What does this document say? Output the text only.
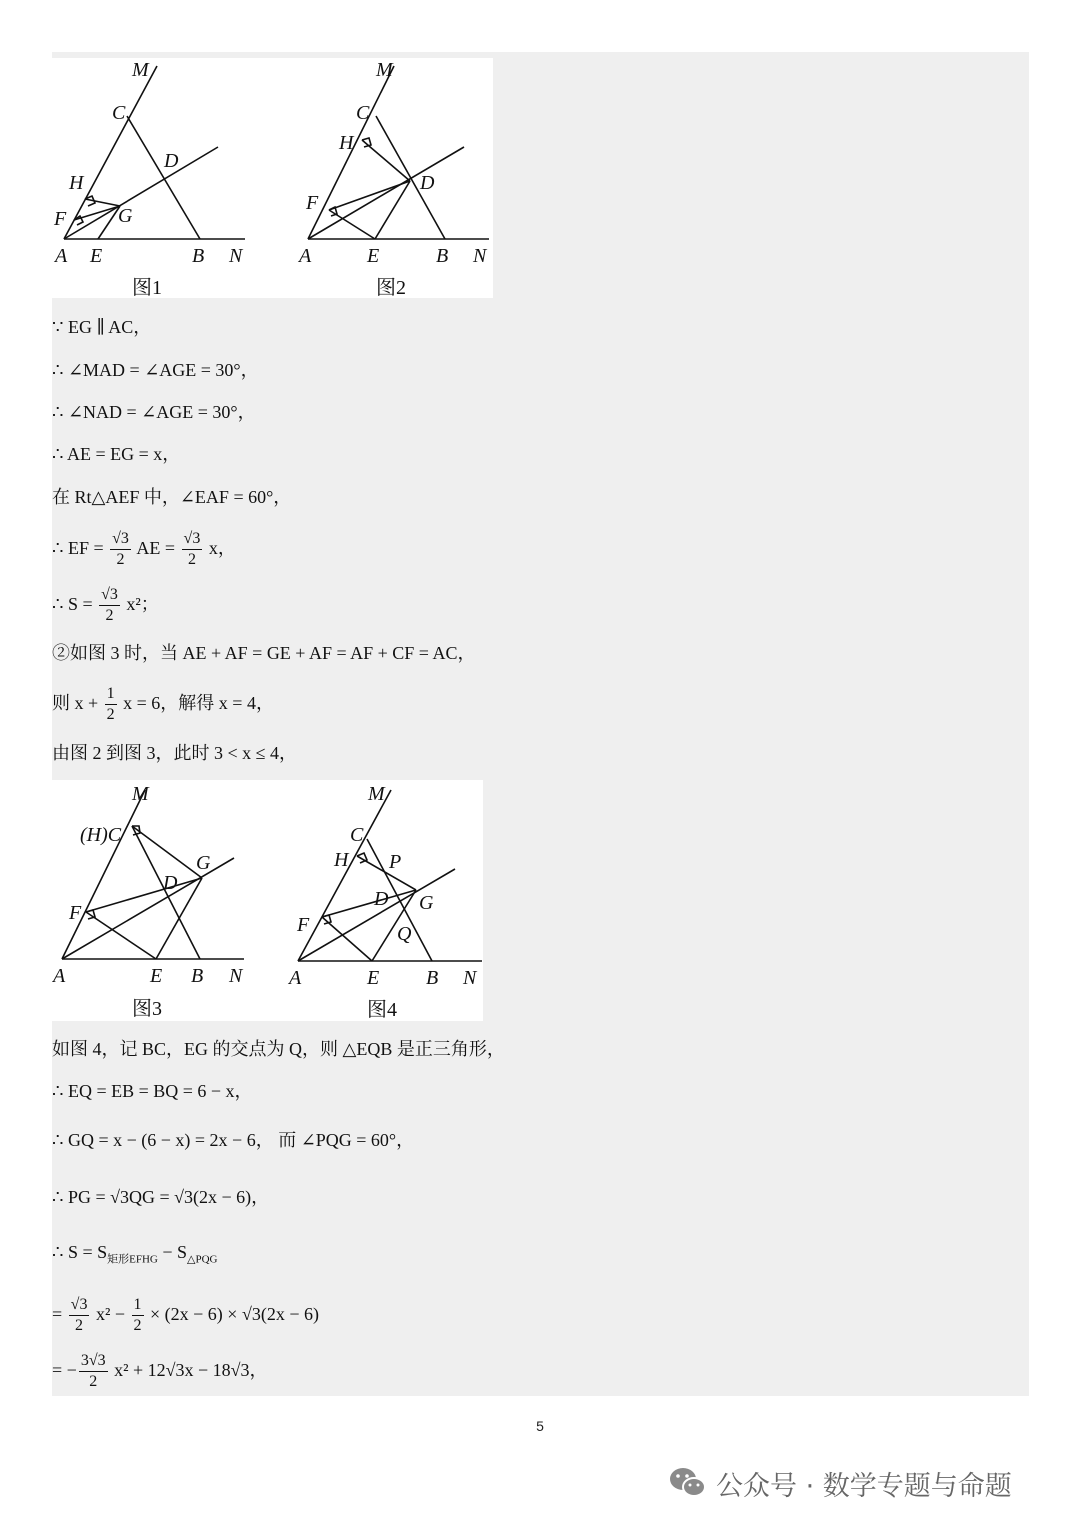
M
C
D
H
F	G
A E	B N
M
C
H
D
F
A	E	B N
图1	图2
∵ EG ∥ AC，
∴ ∠MAD = ∠AGE = 30°，
∴ ∠NAD = ∠AGE = 30°，
∴ AE = EG = x，
在 Rt△AEF 中，∠EAF = 60°，
∴ EF = $\frac{√3}{2}$ AE = $\frac{√3}{2}$ x，
∴ $S = \frac{√3}{2} x^2$；
②如图 3 时，当 AE + AF = GE + AF = AF + CF = AC，
则 $x + \frac{1}{2}$ x = 6，解得 x = 4，
由图 2 到图 3，此时 3 < x ≤ 4，
M
(H)C
G
D
F
A	E B N
M
C
H P
D G
F	Q
A	E B N
图3	图4
如图 4，记 BC，EG 的交点为 Q，则 △EQB 是正三角形，
∴ EQ = EB = BQ = 6 − x，
∴ GQ = x − (6 − x) = 2x − 6， 而 ∠PQG = 60°，
∴ PG = √3QG = √3(2x − 6)，
∴ $S = S_{矩形EFHG} - S_{\triangle PQG}$
= $\frac{√3}{2} x^2 - \frac{1}{2} \times (2x - 6) \times √3(2x - 6)$
= − $\frac{3√3}{2} x^2 + 12√3x - 18√3$，
5
公众号 · 数学专题与命题
